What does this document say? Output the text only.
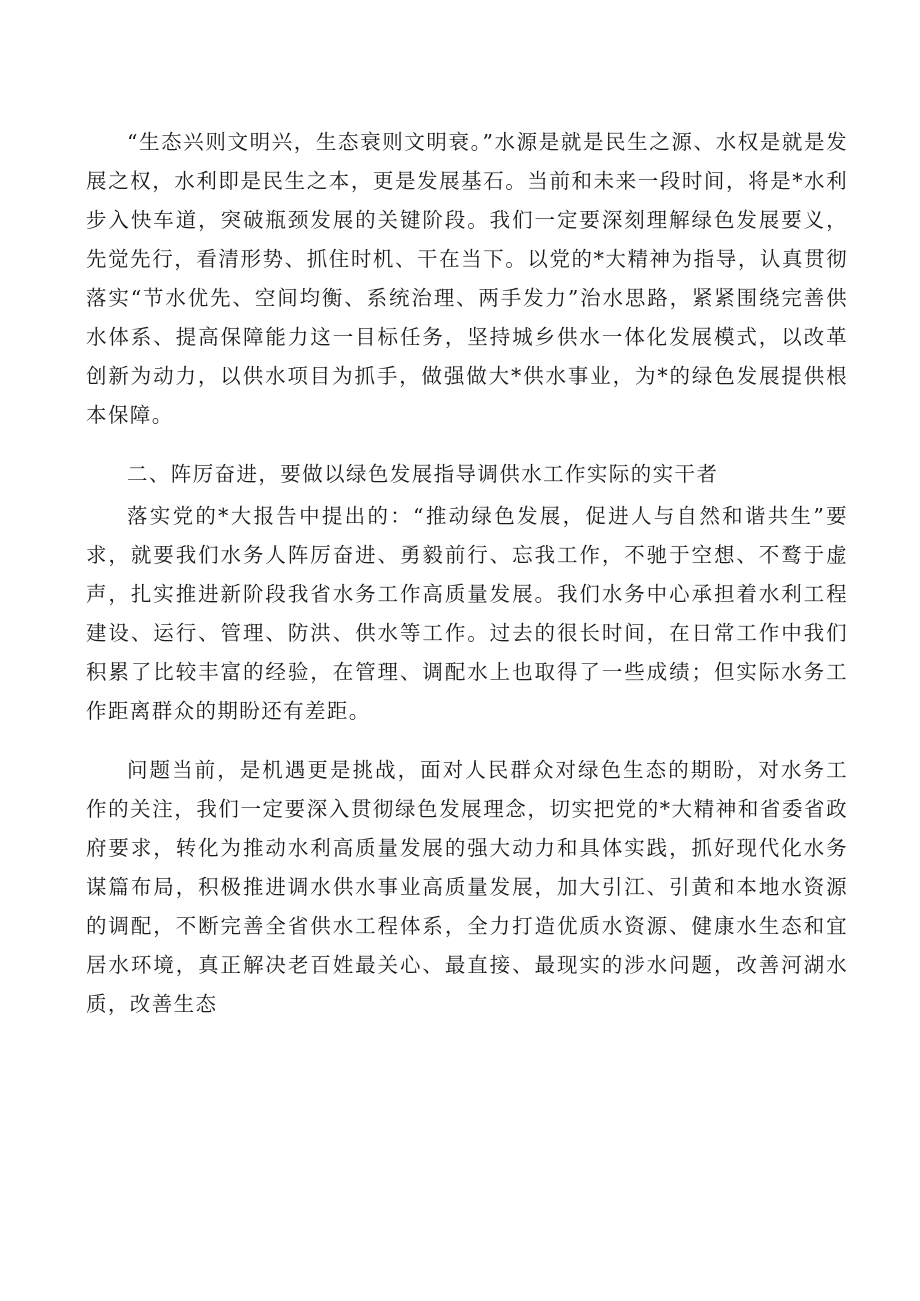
“生态兴则文明兴，生态衰则文明衰。”水源是就是民生之源、水权是就是发展之权，水利即是民生之本，更是发展基石。当前和未来一段时间，将是*水利步入快车道，突破瓶颈发展的关键阶段。我们一定要深刻理解绿色发展要义，先觉先行，看清形势、抓住时机、干在当下。以党的*大精神为指导，认真贯彻落实“节水优先、空间均衡、系统治理、两手发力”治水思路，紧紧围绕完善供水体系、提高保障能力这一目标任务，坚持城乡供水一体化发展模式，以改革创新为动力，以供水项目为抓手，做强做大*供水事业，为*的绿色发展提供根本保障。

二、阵厉奋进，要做以绿色发展指导调供水工作实际的实干者

落实党的*大报告中提出的：“推动绿色发展，促进人与自然和谐共生”要求，就要我们水务人阵厉奋进、勇毅前行、忘我工作，不驰于空想、不鹜于虚声，扎实推进新阶段我省水务工作高质量发展。我们水务中心承担着水利工程建设、运行、管理、防洪、供水等工作。过去的很长时间，在日常工作中我们积累了比较丰富的经验，在管理、调配水上也取得了一些成绩；但实际水务工作距离群众的期盼还有差距。

问题当前，是机遇更是挑战，面对人民群众对绿色生态的期盼，对水务工作的关注，我们一定要深入贯彻绿色发展理念，切实把党的*大精神和省委省政府要求，转化为推动水利高质量发展的强大动力和具体实践，抓好现代化水务谋篇布局，积极推进调水供水事业高质量发展，加大引江、引黄和本地水资源的调配，不断完善全省供水工程体系，全力打造优质水资源、健康水生态和宜居水环境，真正解决老百姓最关心、最直接、最现实的涉水问题，改善河湖水质，改善生态
